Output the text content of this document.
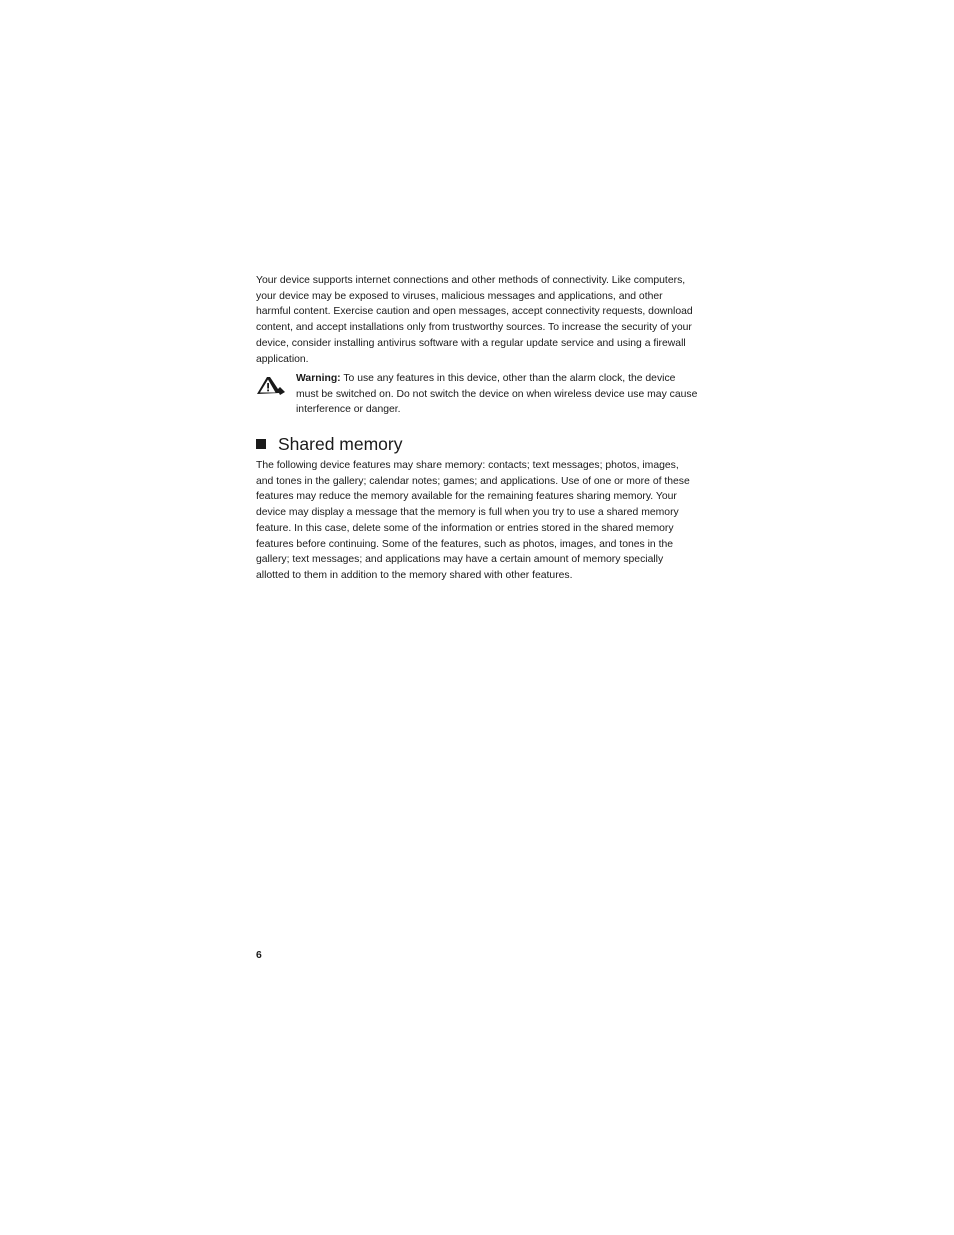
Your device supports internet connections and other methods of connectivity. Like computers, your device may be exposed to viruses, malicious messages and applications, and other harmful content. Exercise caution and open messages, accept connectivity requests, download content, and accept installations only from trustworthy sources. To increase the security of your device, consider installing antivirus software with a regular update service and using a firewall application.

Warning: To use any features in this device, other than the alarm clock, the device must be switched on. Do not switch the device on when wireless device use may cause interference or danger.

Shared memory

The following device features may share memory: contacts; text messages; photos, images, and tones in the gallery; calendar notes; games; and applications. Use of one or more of these features may reduce the memory available for the remaining features sharing memory. Your device may display a message that the memory is full when you try to use a shared memory feature. In this case, delete some of the information or entries stored in the shared memory features before continuing. Some of the features, such as photos, images, and tones in the gallery; text messages; and applications may have a certain amount of memory specially allotted to them in addition to the memory shared with other features.

6
